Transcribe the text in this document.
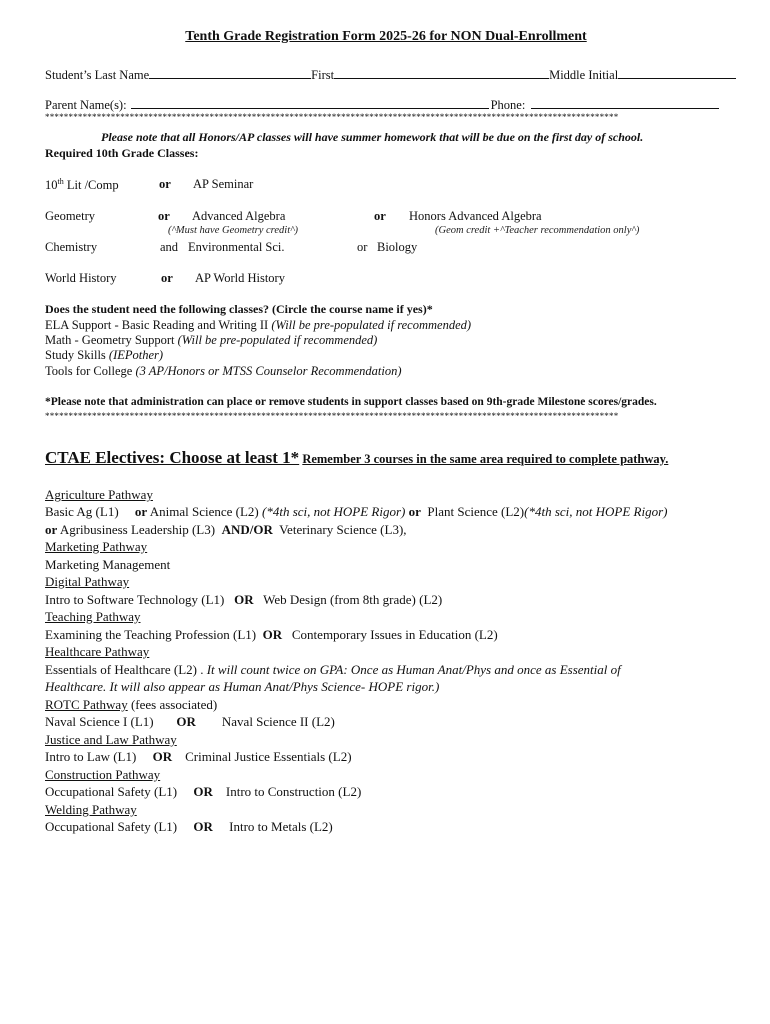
Tenth Grade Registration Form 2025-26 for NON Dual-Enrollment
Student’s Last Name	First	Middle Initial
Parent Name(s):	Phone:
**************************************************************************************************************************
Please note that all Honors/AP classes will have summer homework that will be due on the first day of school.
Required 10th Grade Classes:
10th Lit /Comp	or AP Seminar
Geometry	or Advanced Algebra	or Honors Advanced Algebra
(^Must have Geometry credit^)	(Geom credit +^Teacher recommendation only^)
Chemistry	and Environmental Sci.	or Biology
World History	or AP World History
Does the student need the following classes? (Circle the course name if yes)*
ELA Support - Basic Reading and Writing II (Will be pre-populated if recommended)
Math - Geometry Support (Will be pre-populated if recommended)
Study Skills (IEPother)
Tools for College (3 AP/Honors or MTSS Counselor Recommendation)
*Please note that administration can place or remove students in support classes based on 9th-grade Milestone scores/grades.
**************************************************************************************************************************
CTAE Electives: Choose at least 1* Remember 3 courses in the same area required to complete pathway.
Agriculture Pathway
Basic Ag (L1)     or Animal Science (L2) (*4th sci, not HOPE Rigor) or  Plant Science (L2)(*4th sci, not HOPE Rigor)
or Agribusiness Leadership (L3)  AND/OR  Veterinary Science (L3),
Marketing Pathway
Marketing Management
Digital Pathway
Intro to Software Technology (L1)   OR   Web Design (from 8th grade) (L2)
Teaching Pathway
Examining the Teaching Profession (L1)  OR   Contemporary Issues in Education (L2)
Healthcare Pathway
Essentials of Healthcare (L2) . It will count twice on GPA: Once as Human Anat/Phys and once as Essential of
Healthcare. It will also appear as Human Anat/Phys Science- HOPE rigor.)
ROTC Pathway (fees associated)
Naval Science I (L1)       OR        Naval Science II (L2)
Justice and Law Pathway
Intro to Law (L1)     OR    Criminal Justice Essentials (L2)
Construction Pathway
Occupational Safety (L1)     OR    Intro to Construction (L2)
Welding Pathway
Occupational Safety (L1)     OR     Intro to Metals (L2)
